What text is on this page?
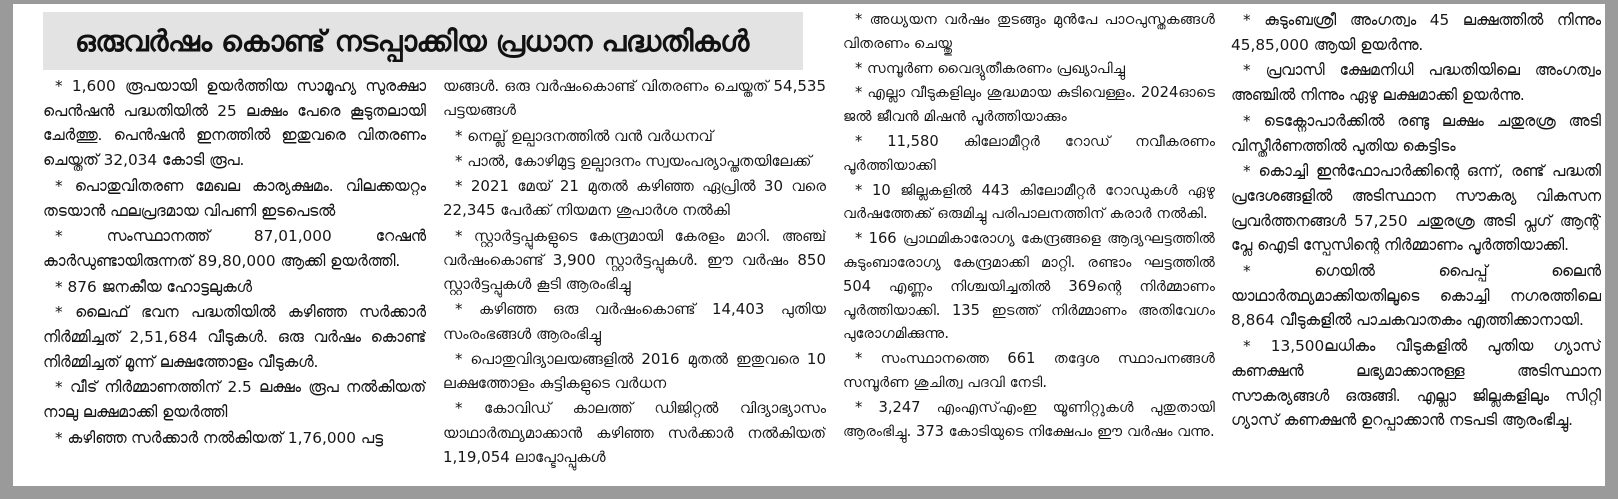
ഒരുവർഷം കൊണ്ട് നടപ്പാക്കിയ പ്രധാന പദ്ധതികൾ

* 1,600 രൂപയായി ഉയർത്തിയ സാമൂഹ്യ സുരക്ഷാ പെൻഷൻ പദ്ധതിയിൽ 25 ലക്ഷം പേരെ കൂടുതലായി ചേർത്തു. പെൻഷൻ ഇനത്തിൽ ഇതുവരെ വിതരണം ചെയ്തത് 32,034 കോടി രൂപ.

* പൊതുവിതരണ മേഖല കാര്യക്ഷമം. വിലക്കയറ്റം തടയാൻ ഫലപ്രദമായ വിപണി ഇടപെടൽ

* സംസ്ഥാനത്ത് 87,01,000 റേഷൻ കാർഡുണ്ടായിരുന്നത് 89,80,000 ആക്കി ഉയർത്തി.

* 876 ജനകീയ ഹോട്ടലുകൾ

* ലൈഫ് ഭവന പദ്ധതിയിൽ കഴിഞ്ഞ സർക്കാർ നിർമ്മിച്ചത് 2,51,684 വീടുകൾ. ഒരു വർഷം കൊണ്ട് നിർമ്മിച്ചത് മൂന്ന് ലക്ഷത്തോളം വീടുകൾ.

* വീട് നിർമ്മാണത്തിന് 2.5 ലക്ഷം രൂപ നൽകിയത് നാലു ലക്ഷമാക്കി ഉയർത്തി

* കഴിഞ്ഞ സർക്കാർ നൽകിയത് 1,76,000 പട്ട

യങ്ങൾ. ഒരു വർഷംകൊണ്ട് വിതരണം ചെയ്തത് 54,535 പട്ടയങ്ങൾ

* നെല്ല് ഉല്പാദനത്തിൽ വൻ വർധനവ്

* പാൽ, കോഴിമുട്ട ഉല്പാദനം സ്വയംപര്യാപ്തതയിലേക്ക്

* 2021 മേയ് 21 മുതൽ കഴിഞ്ഞ ഏപ്രിൽ 30 വരെ 22,345 പേർക്ക് നിയമന ശുപാർശ നൽകി

* സ്റ്റാർട്ടപ്പുകളുടെ കേന്ദ്രമായി കേരളം മാറി. അഞ്ച് വർഷംകൊണ്ട് 3,900 സ്റ്റാർട്ടപ്പുകൾ. ഈ വർഷം 850 സ്റ്റാർട്ടപ്പുകൾ കൂടി ആരംഭിച്ചു

* കഴിഞ്ഞ ഒരു വർഷംകൊണ്ട് 14,403 പുതിയ സംരംഭങ്ങൾ ആരംഭിച്ചു

* പൊതുവിദ്യാലയങ്ങളിൽ 2016 മുതൽ ഇതുവരെ 10 ലക്ഷത്തോളം കുട്ടികളുടെ വർധന

* കോവിഡ് കാലത്ത് ഡിജിറ്റൽ വിദ്യാഭ്യാസം യാഥാർത്ഥ്യമാക്കാൻ കഴിഞ്ഞ സർക്കാർ നൽകിയത് 1,19,054 ലാപ്ടോപ്പുകൾ

* അധ്യയന വർഷം തുടങ്ങും മുൻപേ പാഠപുസ്തകങ്ങൾ വിതരണം ചെയ്തു

* സമ്പൂർണ വൈദ്യുതീകരണം പ്രഖ്യാപിച്ചു

* എല്ലാ വീടുകളിലും ശുദ്ധമായ കുടിവെള്ളം. 2024ഓടെ ജൽ ജീവൻ മിഷൻ പൂർത്തിയാക്കും

* 11,580 കിലോമീറ്റർ റോഡ് നവീകരണം പൂർത്തിയാക്കി

* 10 ജില്ലകളിൽ 443 കിലോമീറ്റർ റോഡുകൾ ഏഴു വർഷത്തേക്ക് ഒരുമിച്ചു പരിപാലനത്തിന് കരാർ നൽകി.

* 166 പ്രാഥമികാരോഗ്യ കേന്ദ്രങ്ങളെ ആദ്യഘട്ടത്തിൽ കുടുംബാരോഗ്യ കേന്ദ്രമാക്കി മാറ്റി. രണ്ടാം ഘട്ടത്തിൽ 504 എണ്ണം നിശ്ചയിച്ചതിൽ 369ന്റെ നിർമ്മാണം പൂർത്തിയാക്കി. 135 ഇടത്ത് നിർമ്മാണം അതിവേഗം പുരോഗമിക്കുന്നു.

* സംസ്ഥാനത്തെ 661 തദ്ദേശ സ്ഥാപനങ്ങൾ സമ്പൂർണ ശുചിത്വ പദവി നേടി.

* 3,247 എംഎസ്എംഇ യൂണിറ്റുകൾ പുതുതായി ആരംഭിച്ചു. 373 കോടിയുടെ നിക്ഷേപം ഈ വർഷം വന്നു.

* കുടുംബശ്രീ അംഗത്വം 45 ലക്ഷത്തിൽ നിന്നും 45,85,000 ആയി ഉയർന്നു.

* പ്രവാസി ക്ഷേമനിധി പദ്ധതിയിലെ അംഗത്വം അഞ്ചിൽ നിന്നും ഏഴു ലക്ഷമാക്കി ഉയർന്നു.

* ടെക്നോപാർക്കിൽ രണ്ടു ലക്ഷം ചതുരശ്ര അടി വിസ്തീർണത്തിൽ പുതിയ കെട്ടിടം

* കൊച്ചി ഇൻഫോപാർക്കിന്റെ ഒന്ന്, രണ്ട് പദ്ധതി പ്രദേശങ്ങളിൽ അടിസ്ഥാന സൗകര്യ വികസന പ്രവർത്തനങ്ങൾ 57,250 ചതുരശ്ര അടി പ്ലഗ് ആന്റ് പ്ലേ ഐടി സ്പേസിന്റെ നിർമ്മാണം പൂർത്തിയാക്കി.

* ഗെയിൽ പൈപ്പ് ലൈൻ യാഥാർത്ഥ്യമാക്കിയതിലൂടെ കൊച്ചി നഗരത്തിലെ 8,864 വീടുകളിൽ പാചകവാതകം എത്തിക്കാനായി.

* 13,500ലധികം വീടുകളിൽ പുതിയ ഗ്യാസ് കണക്ഷൻ ലഭ്യമാക്കാനുള്ള അടിസ്ഥാന സൗകര്യങ്ങൾ ഒരുങ്ങി. എല്ലാ ജില്ലകളിലും സിറ്റി ഗ്യാസ് കണക്ഷൻ ഉറപ്പാക്കാൻ നടപടി ആരംഭിച്ചു.
